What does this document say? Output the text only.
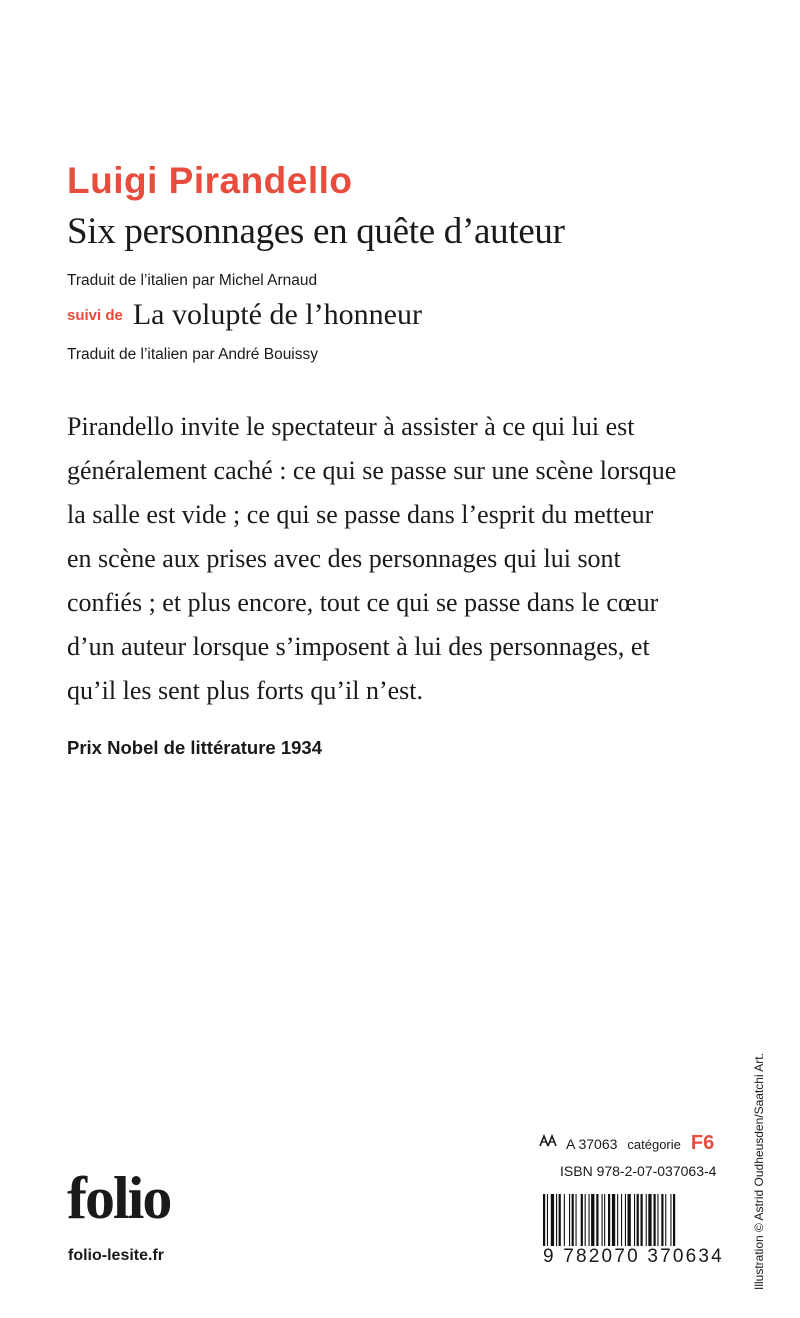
Luigi Pirandello
Six personnages en quête d’auteur
Traduit de l’italien par Michel Arnaud
suivi de La volupté de l’honneur
Traduit de l’italien par André Bouissy
Pirandello invite le spectateur à assister à ce qui lui est
généralement caché : ce qui se passe sur une scène lorsque
la salle est vide ; ce qui se passe dans l’esprit du metteur
en scène aux prises avec des personnages qui lui sont
confiés ; et plus encore, tout ce qui se passe dans le cœur
d’un auteur lorsque s’imposent à lui des personnages, et
qu’il les sent plus forts qu’il n’est.
Prix Nobel de littérature 1934
Illustration © Astrid Oudheusden/Saatchi Art.
A 37063 catégorie F6
ISBN 978-2-07-037063-4
folio
folio-lesite.fr	9 782070 370634
